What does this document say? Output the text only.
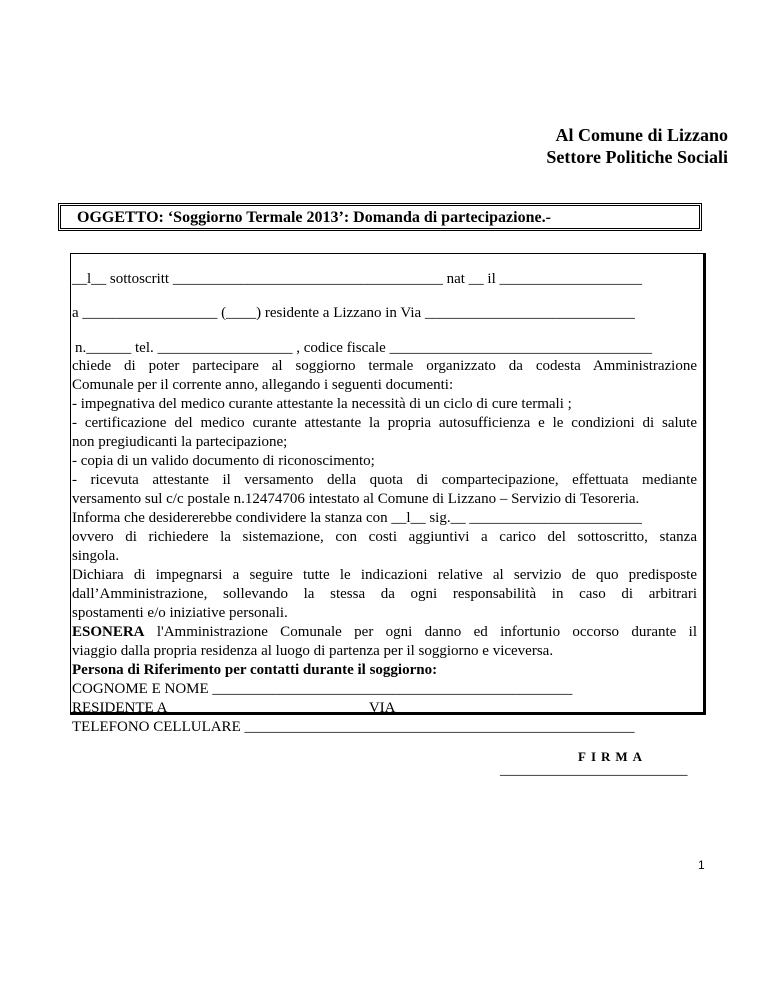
Al Comune di Lizzano
Settore Politiche Sociali
OGGETTO: ‘Soggiorno Termale 2013’: Domanda di partecipazione.-
__l__ sottoscritt ____________________________________ nat __ il ___________________
a __________________ (____) residente a Lizzano in Via ____________________________
n.______ tel. __________________ , codice fiscale ___________________________________
chiede di poter partecipare al soggiorno termale organizzato da codesta Amministrazione
Comunale per il corrente anno, allegando i seguenti documenti:
- impegnativa del medico curante attestante la necessità di un ciclo di cure termali ;
- certificazione del medico curante attestante la propria autosufficienza e le condizioni di salute
non pregiudicanti la partecipazione;
- copia di un valido documento di riconoscimento;
- ricevuta attestante il versamento della quota di compartecipazione, effettuata mediante
versamento sul c/c postale n.12474706 intestato al Comune di Lizzano – Servizio di Tesoreria.
Informa che desidererebbe condividere la stanza con __l__ sig.__ _______________________
ovvero di richiedere la sistemazione, con costi aggiuntivi a carico del sottoscritto, stanza
singola.
Dichiara di impegnarsi a seguire tutte le indicazioni relative al servizio de quo predisposte
dall’Amministrazione, sollevando la stessa da ogni responsabilità in caso di arbitrari
spostamenti e/o iniziative personali.
ESONERA l'Amministrazione Comunale per ogni danno ed infortunio occorso durante il
viaggio dalla propria residenza al luogo di partenza per il soggiorno e viceversa.
Persona di Riferimento per contatti durante il soggiorno:
COGNOME E NOME ________________________________________________
RESIDENTE A __________________________ VIA ________________________________
TELEFONO CELLULARE ____________________________________________________
FIRMA
_________________________
1
